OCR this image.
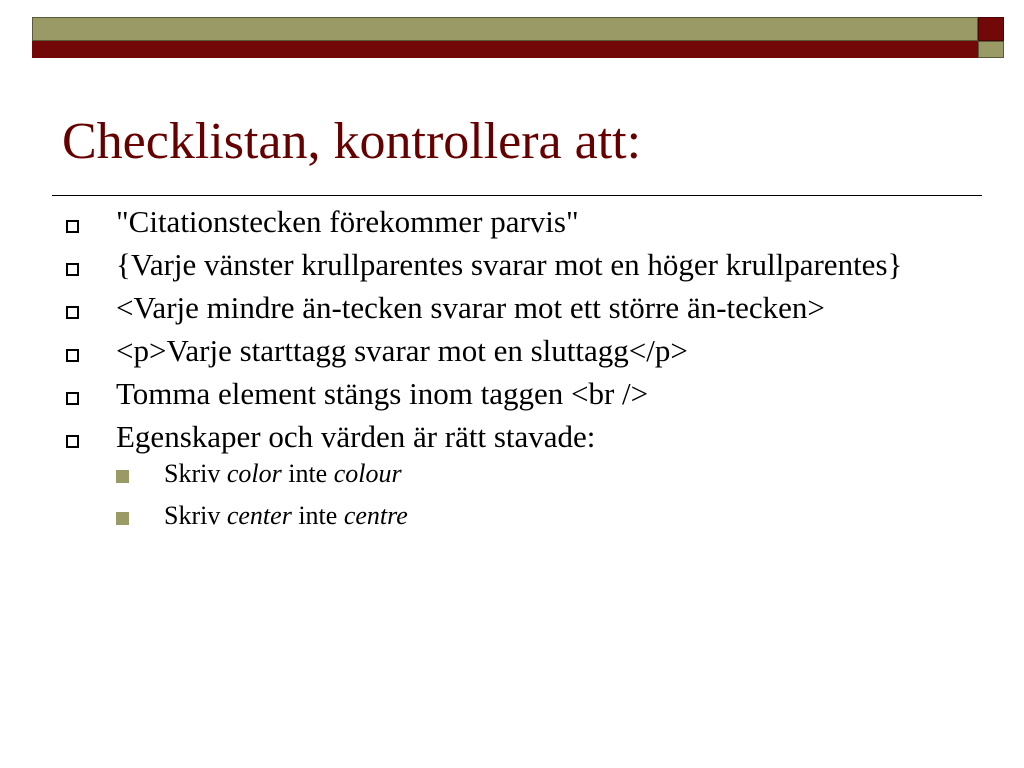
Checklistan, kontrollera att:
"Citationstecken förekommer parvis"
{Varje vänster krullparentes svarar mot en höger krullparentes}
<Varje mindre än-tecken svarar mot ett större än-tecken>
<p>Varje starttagg svarar mot en sluttagg</p>
Tomma element stängs inom taggen <br />
Egenskaper och värden är rätt stavade:
Skriv color inte colour
Skriv center inte centre
